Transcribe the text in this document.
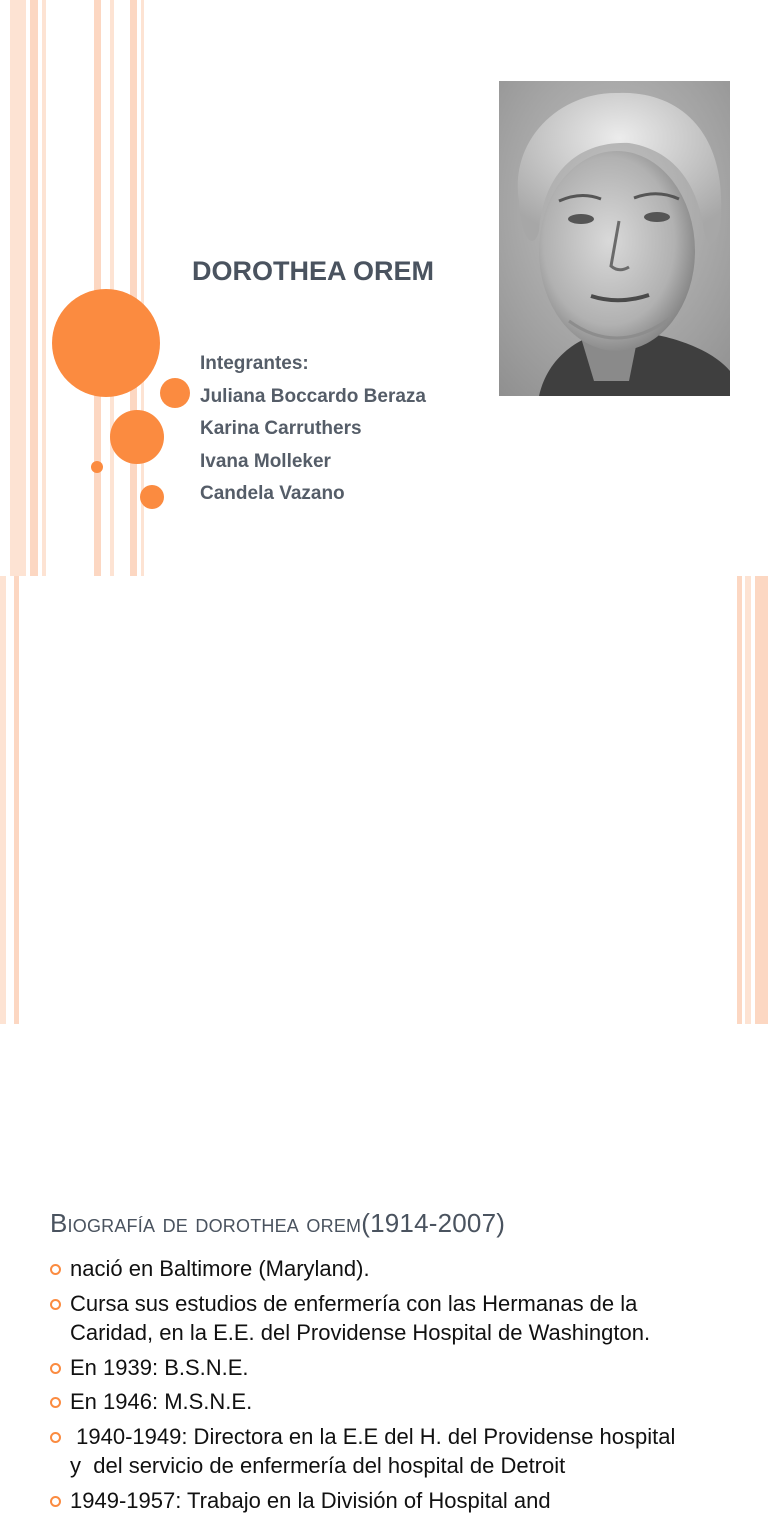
DOROTHEA OREM
Integrantes:
Juliana Boccardo Beraza
Karina Carruthers
Ivana Molleker
Candela Vazano
Biografía de dorothea orem(1914-2007)
nació en Baltimore (Maryland).
Cursa sus estudios de enfermería con las Hermanas de la Caridad, en la E.E. del Providense Hospital de Washington.
En 1939: B.S.N.E.
En 1946: M.S.N.E.
1940-1949: Directora en la E.E del H. del Providense hospital y  del servicio de enfermería del hospital de Detroit
1949-1957: Trabajo en la División of Hospital and
